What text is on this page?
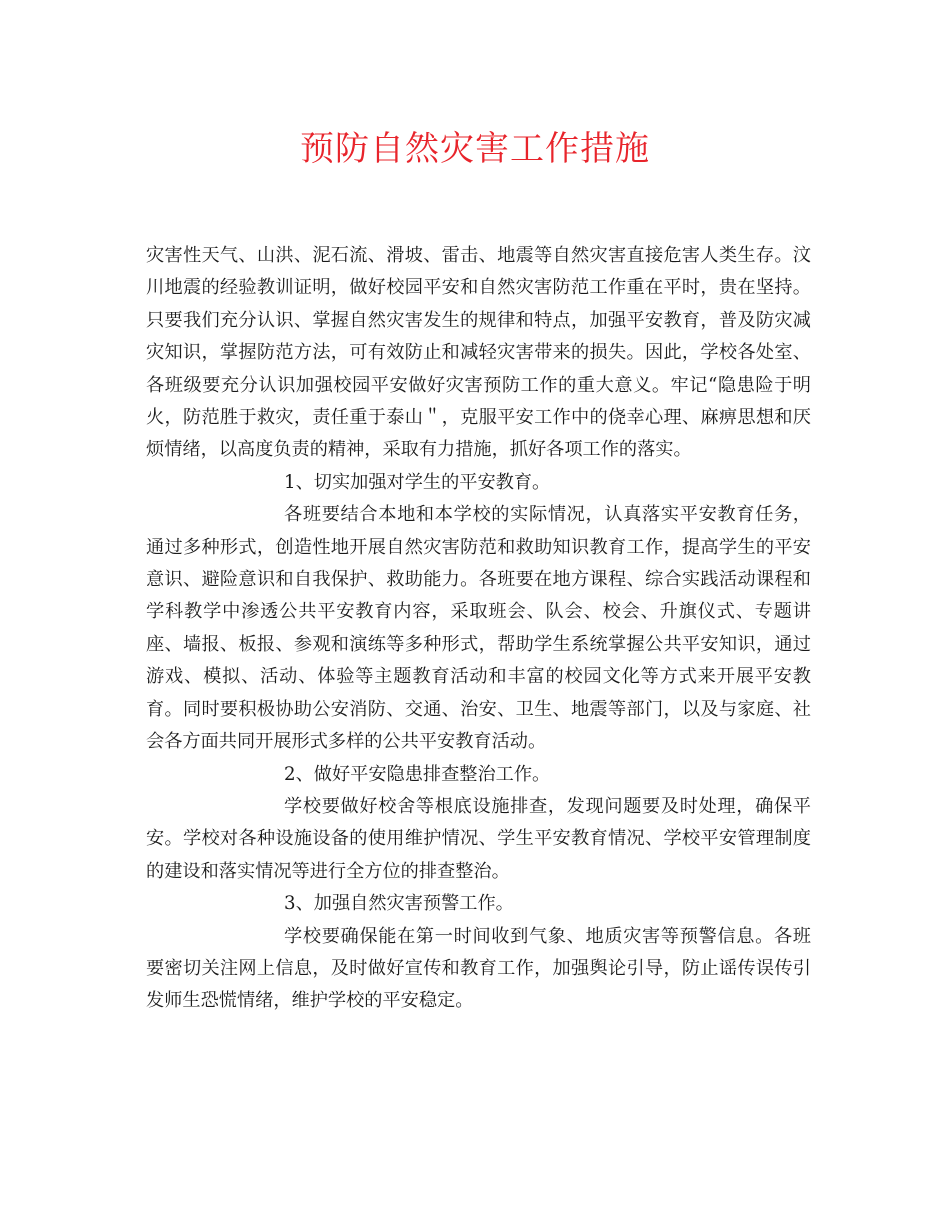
预防自然灾害工作措施

灾害性天气、山洪、泥石流、滑坡、雷击、地震等自然灾害直接危害人类生存。汶川地震的经验教训证明，做好校园平安和自然灾害防范工作重在平时，贵在坚持。只要我们充分认识、掌握自然灾害发生的规律和特点，加强平安教育，普及防灾减灾知识，掌握防范方法，可有效防止和减轻灾害带来的损失。因此，学校各处室、各班级要充分认识加强校园平安做好灾害预防工作的重大意义。牢记“隐患险于明火，防范胜于救灾，责任重于泰山＂，克服平安工作中的侥幸心理、麻痹思想和厌烦情绪，以高度负责的精神，采取有力措施，抓好各项工作的落实。

1、切实加强对学生的平安教育。

各班要结合本地和本学校的实际情况，认真落实平安教育任务，通过多种形式，创造性地开展自然灾害防范和救助知识教育工作，提高学生的平安意识、避险意识和自我保护、救助能力。各班要在地方课程、综合实践活动课程和学科教学中渗透公共平安教育内容，采取班会、队会、校会、升旗仪式、专题讲座、墙报、板报、参观和演练等多种形式，帮助学生系统掌握公共平安知识，通过游戏、模拟、活动、体验等主题教育活动和丰富的校园文化等方式来开展平安教育。同时要积极协助公安消防、交通、治安、卫生、地震等部门，以及与家庭、社会各方面共同开展形式多样的公共平安教育活动。

2、做好平安隐患排查整治工作。

学校要做好校舍等根底设施排查，发现问题要及时处理，确保平安。学校对各种设施设备的使用维护情况、学生平安教育情况、学校平安管理制度的建设和落实情况等进行全方位的排查整治。

3、加强自然灾害预警工作。

学校要确保能在第一时间收到气象、地质灾害等预警信息。各班要密切关注网上信息，及时做好宣传和教育工作，加强舆论引导，防止谣传误传引发师生恐慌情绪，维护学校的平安稳定。
